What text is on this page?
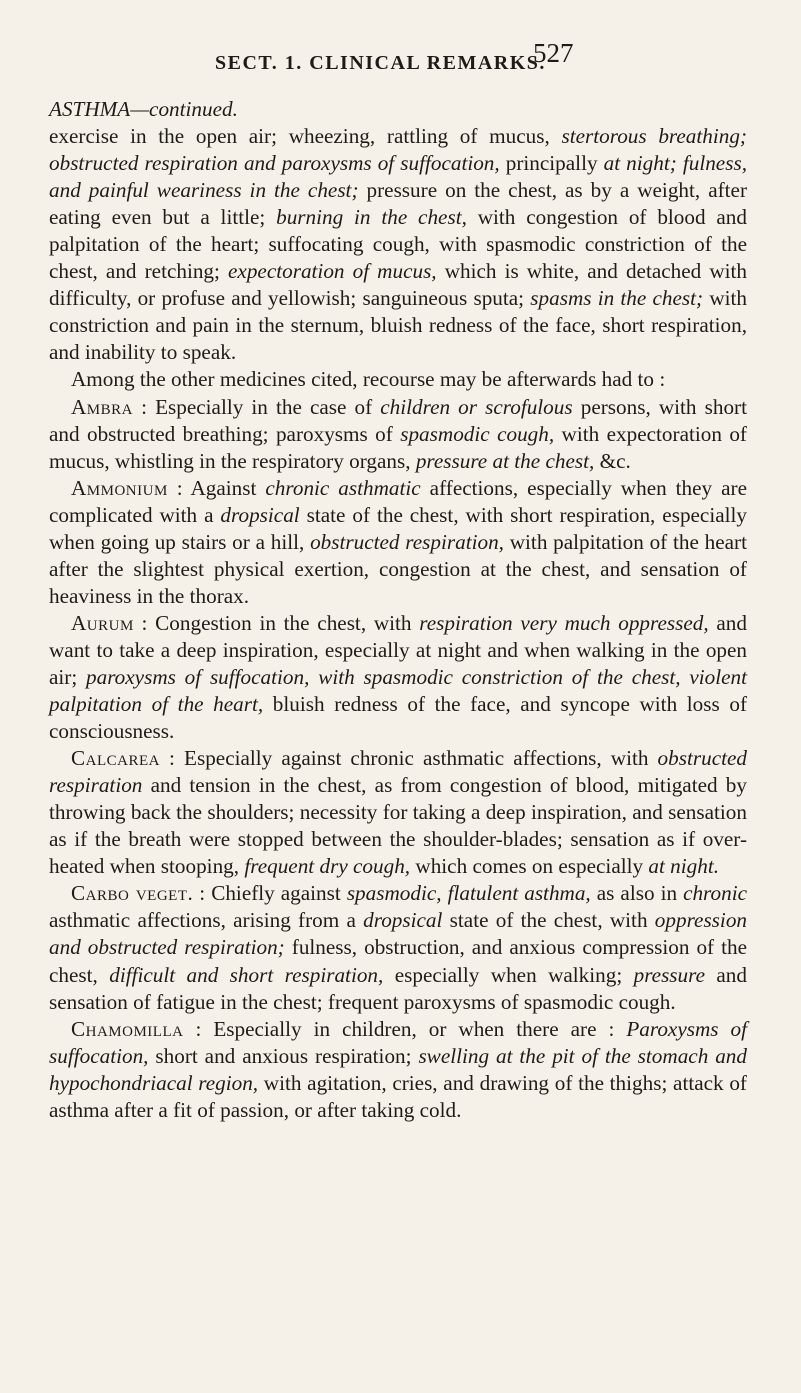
SECT. 1. CLINICAL REMARKS.
527

ASTHMA—continued.

exercise in the open air; wheezing, rattling of mucus, stertorous breathing; obstructed respiration and paroxysms of suffocation, principally at night; fulness, and painful weariness in the chest; pressure on the chest, as by a weight, after eating even but a little; burning in the chest, with congestion of blood and palpitation of the heart; suffocating cough, with spasmodic constriction of the chest, and retching; expectoration of mucus, which is white, and detached with difficulty, or profuse and yellowish; sanguineous sputa; spasms in the chest; with constriction and pain in the sternum, bluish redness of the face, short respiration, and inability to speak.

Among the other medicines cited, recourse may be afterwards had to :

Ambra : Especially in the case of children or scrofulous persons, with short and obstructed breathing; paroxysms of spasmodic cough, with expectoration of mucus, whistling in the respiratory organs, pressure at the chest, &c.

Ammonium : Against chronic asthmatic affections, especially when they are complicated with a dropsical state of the chest, with short respiration, especially when going up stairs or a hill, obstructed respiration, with palpitation of the heart after the slightest physical exertion, congestion at the chest, and sensation of heaviness in the thorax.

Aurum : Congestion in the chest, with respiration very much oppressed, and want to take a deep inspiration, especially at night and when walking in the open air; paroxysms of suffocation, with spasmodic constriction of the chest, violent palpitation of the heart, bluish redness of the face, and syncope with loss of consciousness.

Calcarea : Especially against chronic asthmatic affections, with obstructed respiration and tension in the chest, as from congestion of blood, mitigated by throwing back the shoulders; necessity for taking a deep inspiration, and sensation as if the breath were stopped between the shoulder-blades; sensation as if over-heated when stooping, frequent dry cough, which comes on especially at night.

Carbo veget. : Chiefly against spasmodic, flatulent asthma, as also in chronic asthmatic affections, arising from a dropsical state of the chest, with oppression and obstructed respiration; fulness, obstruction, and anxious compression of the chest, difficult and short respiration, especially when walking; pressure and sensation of fatigue in the chest; frequent paroxysms of spasmodic cough.

Chamomilla : Especially in children, or when there are : Paroxysms of suffocation, short and anxious respiration; swelling at the pit of the stomach and hypochondriacal region, with agitation, cries, and drawing of the thighs; attack of asthma after a fit of passion, or after taking cold.
